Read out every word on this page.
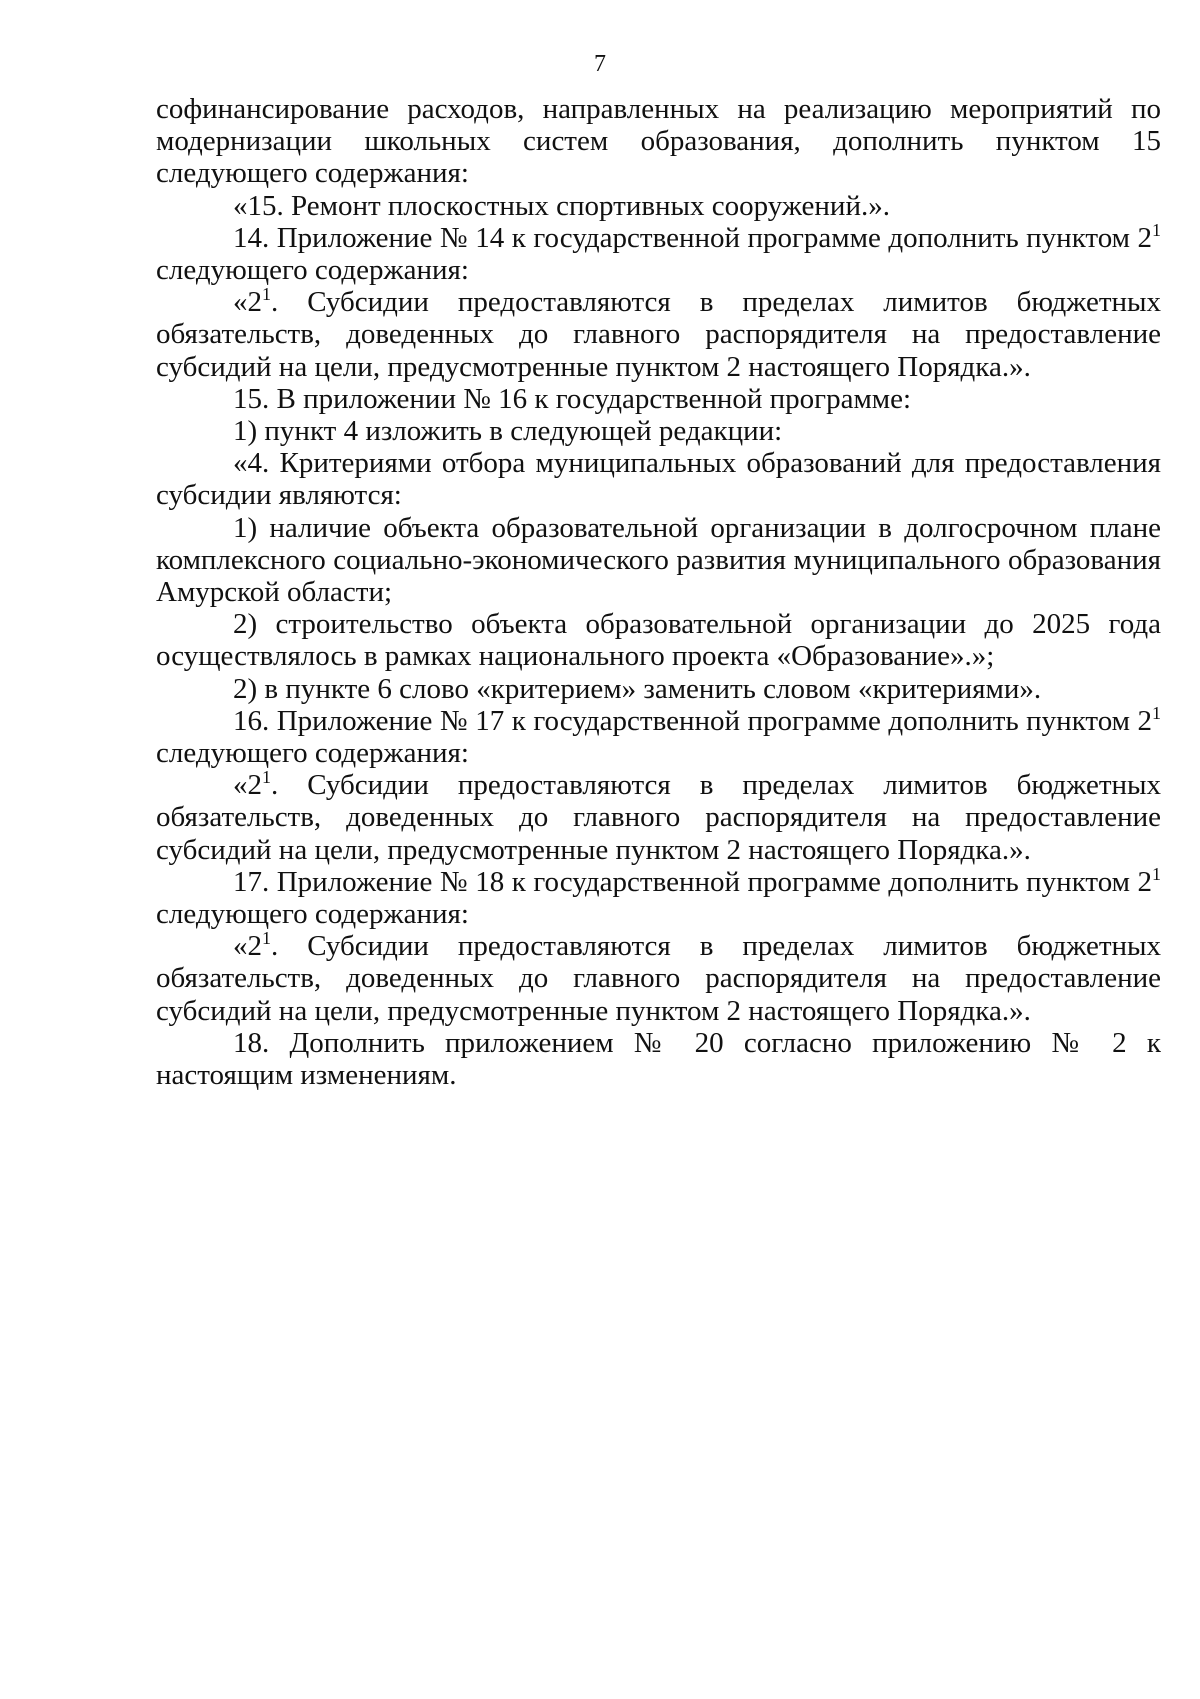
7

софинансирование расходов, направленных на реализацию мероприятий по модернизации школьных систем образования, дополнить пунктом 15 следующего содержания:

«15. Ремонт плоскостных спортивных сооружений.».

14. Приложение № 14 к государственной программе дополнить пунктом $2^1$ следующего содержания:

«$2^1$. Субсидии предоставляются в пределах лимитов бюджетных обязательств, доведенных до главного распорядителя на предоставление субсидий на цели, предусмотренные пунктом 2 настоящего Порядка.».

15. В приложении № 16 к государственной программе:

1) пункт 4 изложить в следующей редакции:

«4. Критериями отбора муниципальных образований для предоставления субсидии являются:

1) наличие объекта образовательной организации в долгосрочном плане комплексного социально-экономического развития муниципального образования Амурской области;

2) строительство объекта образовательной организации до 2025 года осуществлялось в рамках национального проекта «Образование».»;

2) в пункте 6 слово «критерием» заменить словом «критериями».

16. Приложение № 17 к государственной программе дополнить пунктом $2^1$ следующего содержания:

«$2^1$. Субсидии предоставляются в пределах лимитов бюджетных обязательств, доведенных до главного распорядителя на предоставление субсидий на цели, предусмотренные пунктом 2 настоящего Порядка.».

17. Приложение № 18 к государственной программе дополнить пунктом $2^1$ следующего содержания:

«$2^1$. Субсидии предоставляются в пределах лимитов бюджетных обязательств, доведенных до главного распорядителя на предоставление субсидий на цели, предусмотренные пунктом 2 настоящего Порядка.».

18. Дополнить приложением № 20 согласно приложению № 2 к настоящим изменениям.
